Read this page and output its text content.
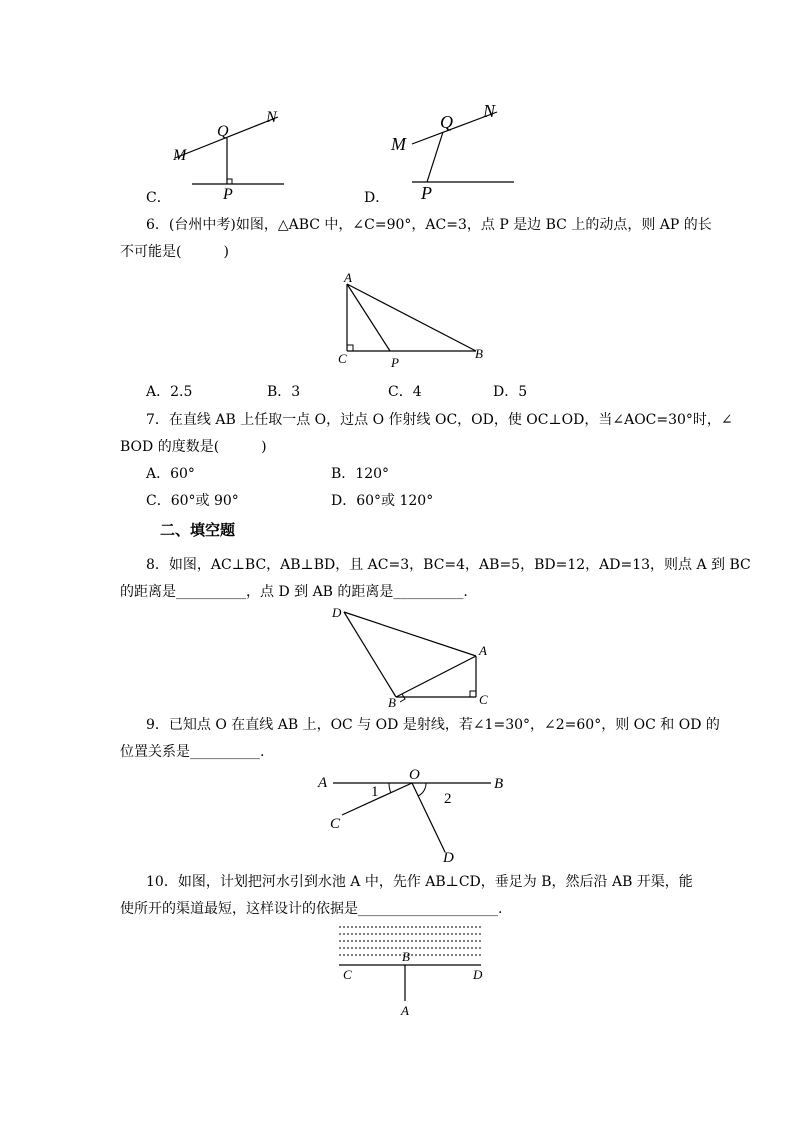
C．
M
N
Q
P
M
N
Q
P
D．
6．(台州中考)如图，△ABC 中，∠C=90°，AC=3，点 P 是边 BC 上的动点，则 AP 的长
不可能是(　　　)
A
C	P
B
A．2.5	B．3	C．4	D．5
7．在直线 AB 上任取一点 O，过点 O 作射线 OC，OD，使 OC⊥OD，当∠AOC=30°时，∠
BOD 的度数是(　　　)
A．60°	B．120°
C．60°或 90°	D．60°或 120°
二、填空题
8．如图，AC⊥BC，AB⊥BD，且 AC=3，BC=4，AB=5，BD=12，AD=13，则点 A 到 BC
的距离是__________，点 D 到 AB 的距离是__________.
D
A
B	C
9．已知点 O 在直线 AB 上，OC 与 OD 是射线，若∠1=30°，∠2=60°，则 OC 和 OD 的
位置关系是__________.
A	O
B
1	2
C
D
10．如图，计划把河水引到水池 A 中，先作 AB⊥CD，垂足为 B，然后沿 AB 开渠，能
使所开的渠道最短，这样设计的依据是____________________.
B
C	D
A
